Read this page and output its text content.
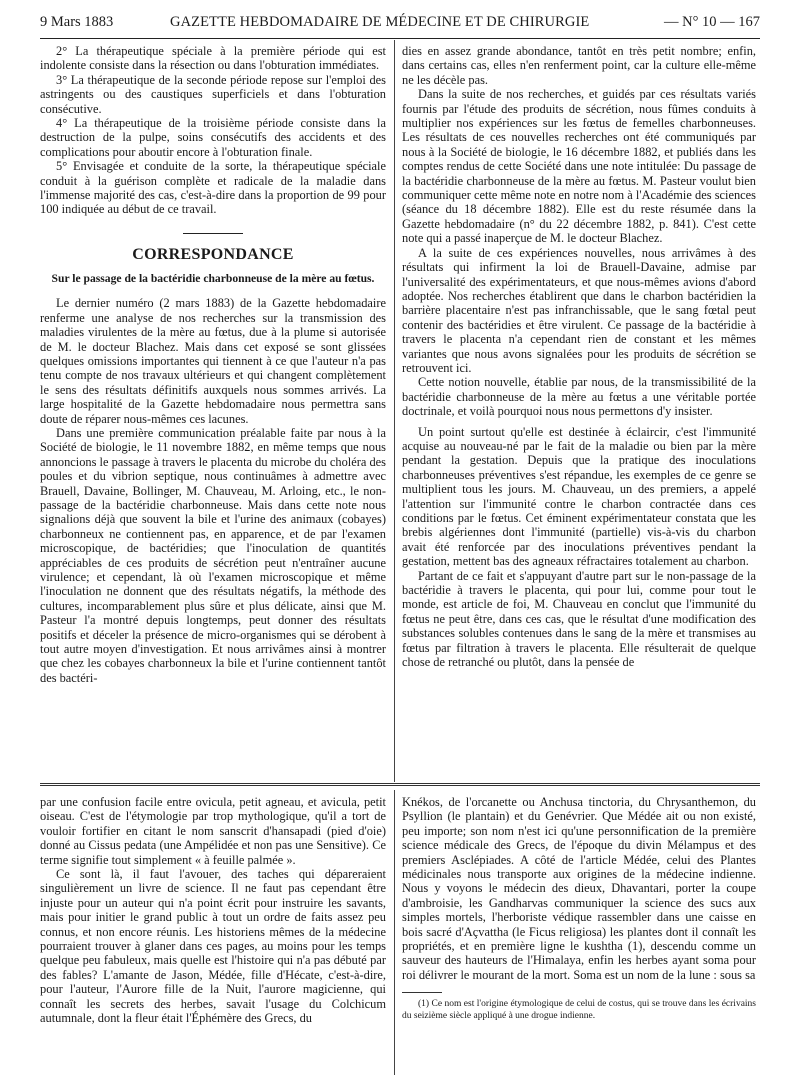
9 Mars 1883	GAZETTE HEBDOMADAIRE DE MÉDECINE ET DE CHIRURGIE	— N° 10 — 167

2° La thérapeutique spéciale à la première période qui est indolente consiste dans la résection ou dans l'obturation immédiates.

3° La thérapeutique de la seconde période repose sur l'emploi des astringents ou des caustiques superficiels et dans l'obturation consécutive.

4° La thérapeutique de la troisième période consiste dans la destruction de la pulpe, soins consécutifs des accidents et des complications pour aboutir encore à l'obturation finale.

5° Envisagée et conduite de la sorte, la thérapeutique spéciale conduit à la guérison complète et radicale de la maladie dans l'immense majorité des cas, c'est-à-dire dans la proportion de 99 pour 100 indiquée au début de ce travail.

CORRESPONDANCE
Sur le passage de la bactéridie charbonneuse de la mère au fœtus.

Le dernier numéro (2 mars 1883) de la Gazette hebdomadaire renferme une analyse de nos recherches sur la transmission des maladies virulentes de la mère au fœtus, due à la plume si autorisée de M. le docteur Blachez. Mais dans cet exposé se sont glissées quelques omissions importantes qui tiennent à ce que l'auteur n'a pas tenu compte de nos travaux ultérieurs et qui changent complètement le sens des résultats définitifs auxquels nous sommes arrivés. La large hospitalité de la Gazette hebdomadaire nous permettra sans doute de réparer nous-mêmes ces lacunes.

Dans une première communication préalable faite par nous à la Société de biologie, le 11 novembre 1882, en même temps que nous annoncions le passage à travers le placenta du microbe du choléra des poules et du vibrion septique, nous continuâmes à admettre avec Brauell, Davaine, Bollinger, M. Chauveau, M. Arloing, etc., le non-passage de la bactéridie charbonneuse. Mais dans cette note nous signalions déjà que souvent la bile et l'urine des animaux (cobayes) charbonneux ne contiennent pas, en apparence, et de par l'examen microscopique, de bactéridies; que l'inoculation de quantités appréciables de ces produits de sécrétion peut n'entraîner aucune virulence; et cependant, là où l'examen microscopique et même l'inoculation ne donnent que des résultats négatifs, la méthode des cultures, incomparablement plus sûre et plus délicate, ainsi que M. Pasteur l'a montré depuis longtemps, peut donner des résultats positifs et déceler la présence de micro-organismes qui se dérobent à tout autre moyen d'investigation. Et nous arrivâmes ainsi à montrer que chez les cobayes charbonneux la bile et l'urine contiennent tantôt des bactéri-

dies en assez grande abondance, tantôt en très petit nombre; enfin, dans certains cas, elles n'en renferment point, car la culture elle-même ne les décèle pas.

Dans la suite de nos recherches, et guidés par ces résultats variés fournis par l'étude des produits de sécrétion, nous fûmes conduits à multiplier nos expériences sur les fœtus de femelles charbonneuses. Les résultats de ces nouvelles recherches ont été communiqués par nous à la Société de biologie, le 16 décembre 1882, et publiés dans les comptes rendus de cette Société dans une note intitulée: Du passage de la bactéridie charbonneuse de la mère au fœtus. M. Pasteur voulut bien communiquer cette même note en notre nom à l'Académie des sciences (séance du 18 décembre 1882). Elle est du reste résumée dans la Gazette hebdomadaire (n° du 22 décembre 1882, p. 841). C'est cette note qui a passé inaperçue de M. le docteur Blachez.

A la suite de ces expériences nouvelles, nous arrivâmes à des résultats qui infirment la loi de Brauell-Davaine, admise par l'universalité des expérimentateurs, et que nous-mêmes avions d'abord adoptée. Nos recherches établirent que dans le charbon bactéridien la barrière placentaire n'est pas infranchissable, que le sang fœtal peut contenir des bactéridies et être virulent. Ce passage de la bactéridie à travers le placenta n'a cependant rien de constant et les mêmes variantes que nous avons signalées pour les produits de sécrétion se retrouvent ici.

Cette notion nouvelle, établie par nous, de la transmissibilité de la bactéridie charbonneuse de la mère au fœtus a une véritable portée doctrinale, et voilà pourquoi nous nous permettons d'y insister.

Un point surtout qu'elle est destinée à éclaircir, c'est l'immunité acquise au nouveau-né par le fait de la maladie ou bien par la mère pendant la gestation. Depuis que la pratique des inoculations charbonneuses préventives s'est répandue, les exemples de ce genre se multiplient tous les jours. M. Chauveau, un des premiers, a appelé l'attention sur l'immunité contre le charbon contractée dans ces conditions par le fœtus. Cet éminent expérimentateur constata que les brebis algériennes dont l'immunité (partielle) vis-à-vis du charbon avait été renforcée par des inoculations préventives pendant la gestation, mettent bas des agneaux réfractaires totalement au charbon.

Partant de ce fait et s'appuyant d'autre part sur le non-passage de la bactéridie à travers le placenta, qui pour lui, comme pour tout le monde, est article de foi, M. Chauveau en conclut que l'immunité du fœtus ne peut être, dans ces cas, que le résultat d'une modification des substances solubles contenues dans le sang de la mère et transmises au fœtus par filtration à travers le placenta. Elle résulterait de quelque chose de retranché ou plutôt, dans la pensée de

par une confusion facile entre ovicula, petit agneau, et avicula, petit oiseau. C'est de l'étymologie par trop mythologique, qu'il a tort de vouloir fortifier en citant le nom sanscrit d'hansapadi (pied d'oie) donné au Cissus pedata (une Ampélidée et non pas une Sensitive). Ce terme signifie tout simplement « à feuille palmée ».

Ce sont là, il faut l'avouer, des taches qui dépareraient singulièrement un livre de science. Il ne faut pas cependant être injuste pour un auteur qui n'a point écrit pour instruire les savants, mais pour initier le grand public à tout un ordre de faits assez peu connus, et non encore réunis. Les historiens mêmes de la médecine pourraient trouver à glaner dans ces pages, au moins pour les temps quelque peu fabuleux, mais quelle est l'histoire qui n'a pas débuté par des fables? L'amante de Jason, Médée, fille d'Hécate, c'est-à-dire, pour l'auteur, l'Aurore fille de la Nuit, l'aurore magicienne, qui connaît les secrets des herbes, savait l'usage du Colchicum autumnale, dont la fleur était l'Éphémère des Grecs, du

Knékos, de l'orcanette ou Anchusa tinctoria, du Chrysanthemon, du Psyllion (le plantain) et du Genévrier. Que Médée ait ou non existé, peu importe; son nom n'est ici qu'une personnification de la première science médicale des Grecs, de l'époque du divin Mélampus et des premiers Asclépiades. A côté de l'article Médée, celui des Plantes médicinales nous transporte aux origines de la médecine indienne. Nous y voyons le médecin des dieux, Dhavantari, porter la coupe d'ambroisie, les Gandharvas communiquer la science des sucs aux simples mortels, l'herboriste védique rassembler dans une caisse en bois sacré d'Açvattha (le Ficus religiosa) les plantes dont il connaît les propriétés, et en première ligne le kushtha (1), descendu comme un sauveur des hauteurs de l'Himalaya, enfin les herbes ayant soma pour roi délivrer le mourant de la mort. Soma est un nom de la lune : sous sa

(1) Ce nom est l'origine étymologique de celui de costus, qui se trouve dans les écrivains du seizième siècle appliqué à une drogue indienne.
